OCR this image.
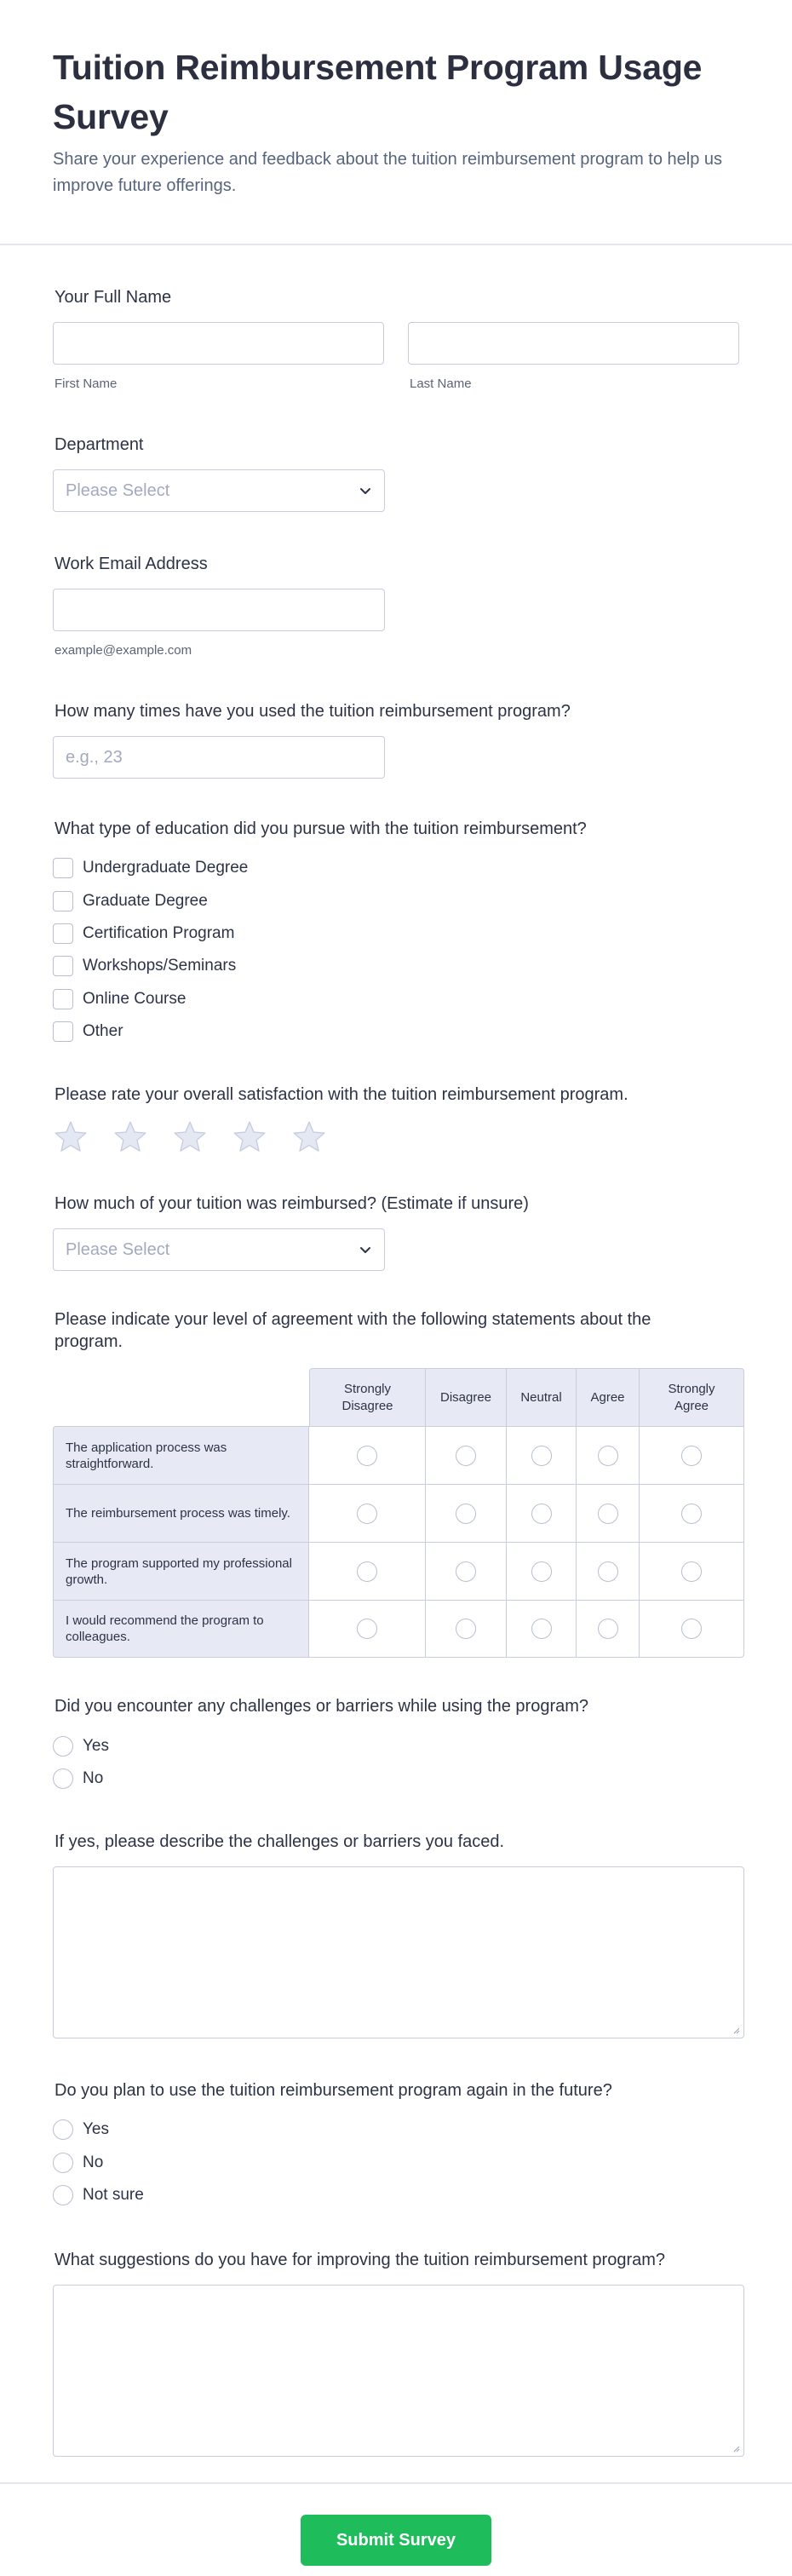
Tuition Reimbursement Program Usage Survey
Share your experience and feedback about the tuition reimbursement program to help us improve future offerings.
Your Full Name
First Name	Last Name
Department
Please Select
Work Email Address
example@example.com
How many times have you used the tuition reimbursement program?
e.g., 23
What type of education did you pursue with the tuition reimbursement?
Undergraduate Degree
Graduate Degree
Certification Program
Workshops/Seminars
Online Course
Other
Please rate your overall satisfaction with the tuition reimbursement program.
How much of your tuition was reimbursed? (Estimate if unsure)
Please Select
Please indicate your level of agreement with the following statements about the program.
	Strongly Disagree	Disagree	Neutral	Agree	Strongly Agree
The application process was straightforward.					
The reimbursement process was timely.					
The program supported my professional growth.					
I would recommend the program to colleagues.					
Did you encounter any challenges or barriers while using the program?
Yes
No
If yes, please describe the challenges or barriers you faced.
Do you plan to use the tuition reimbursement program again in the future?
Yes
No
Not sure
What suggestions do you have for improving the tuition reimbursement program?
Submit Survey
